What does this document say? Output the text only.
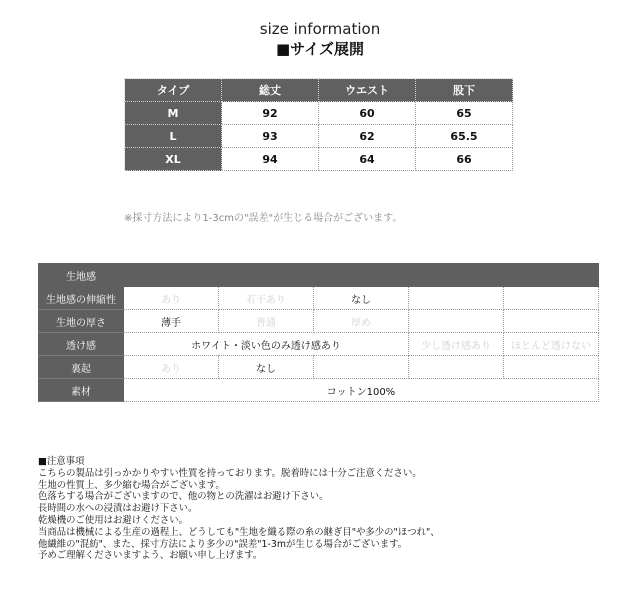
size information
■サイズ展開
タイプ	総丈	ウエスト	股下
M	92	60	65
L	93	62	65.5
XL	94	64	66
※採寸方法により1-3cmの"誤差"が生じる場合がございます。
生地感					
生地感の伸縮性	あり	若干あり	なし		
生地の厚さ	薄手	普通	厚め		
透け感	ホワイト・淡い色のみ透け感あり			少し透け感あり	ほとんど透けない
裏起	あり	なし			
素材	コットン100%				
■注意事項
こちらの製品は引っかかりやすい性質を持っております。脱着時には十分ご注意ください。
生地の性質上、多少縮む場合がございます。
色落ちする場合がございますので、他の物との洗濯はお避け下さい。
長時間の水への浸漬はお避け下さい。
乾燥機のご使用はお避けください。
当商品は機械による生産の過程上、どうしても"生地を織る際の糸の継ぎ目"や多少の"ほつれ"、
他繊維の"混紡"、また、採寸方法により多少の"誤差"1-3mが生じる場合がございます。
予めご理解くださいますよう、お願い申し上げます。
